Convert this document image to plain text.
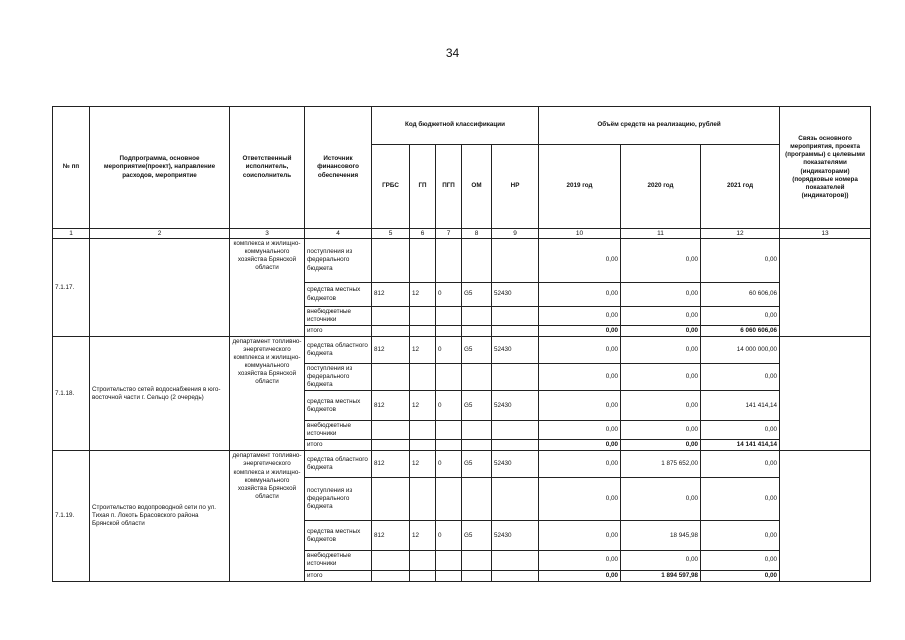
34
№ пп	Подпрограмма, основное мероприятие(проект), направление расходов, мероприятие	Ответственный исполнитель, соисполнитель	Источник финансового обеспечения	Код бюджетной классификации					Объём средств на реализацию, рублей			Связь основного мероприятия, проекта (программы) с целевыми показателями (индикаторами) (порядковые номера показателей (индикаторов))
				ГРБС	ГП	ПГП	ОМ	НР	2019 год	2020 год	2021 год	
1	2	3	4	5	6	7	8	9	10	11	12	13
7.1.17.		комплекса и жилищно-коммунального хозяйства Брянской области	поступления из федерального бюджета						0,00	0,00	0,00	
			средства местных бюджетов	812	12	0	G5	52430	0,00	0,00	60 606,06	
			внебюджетные источники						0,00	0,00	0,00	
			итого						0,00	0,00	6 060 606,06	
7.1.18.	Строительство сетей водоснабжения в юго-восточной части г. Сельцо (2 очередь)	департамент топливно-энергетического комплекса и жилищно-коммунального хозяйства Брянской области	средства областного бюджета	812	12	0	G5	52430	0,00	0,00	14 000 000,00	
			поступления из федерального бюджета						0,00	0,00	0,00	
			средства местных бюджетов	812	12	0	G5	52430	0,00	0,00	141 414,14	
			внебюджетные источники						0,00	0,00	0,00	
			итого						0,00	0,00	14 141 414,14	
7.1.19.	Строительство водопроводной сети по ул. Тихая п. Локоть Брасовского района Брянской области	департамент топливно-энергетического комплекса и жилищно-коммунального хозяйства Брянской области	средства областного бюджета	812	12	0	G5	52430	0,00	1 875 652,00	0,00	
			поступления из федерального бюджета						0,00	0,00	0,00	
			средства местных бюджетов	812	12	0	G5	52430	0,00	18 945,98	0,00	
			внебюджетные источники						0,00	0,00	0,00	
			итого						0,00	1 894 597,98	0,00	
